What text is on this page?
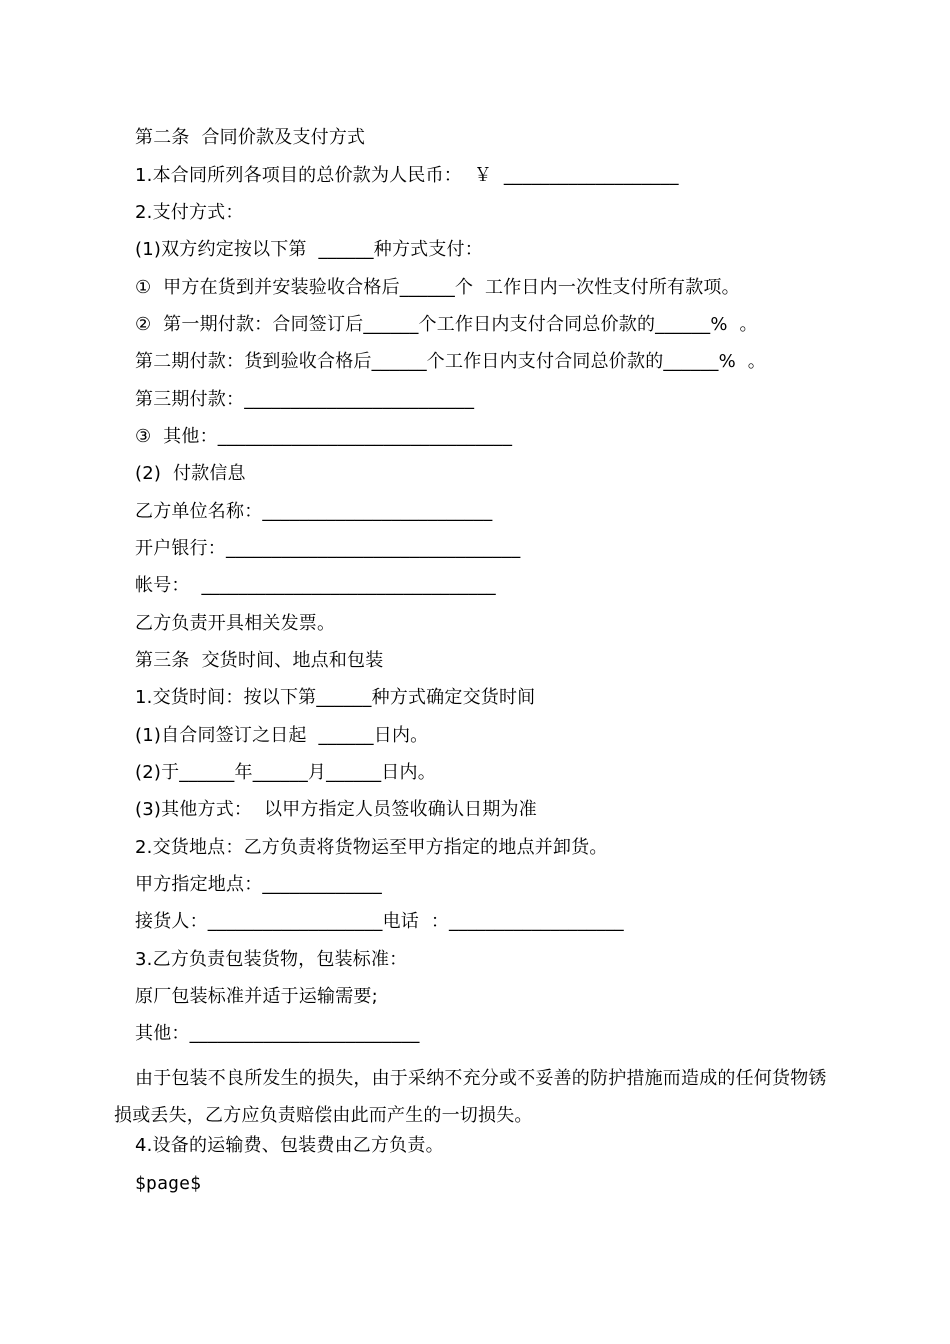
第二条  合同价款及支付方式
1.本合同所列各项目的总价款为人民币：  ￥  ___________________
2.支付方式：
(1)双方约定按以下第  ______种方式支付：
①  甲方在货到并安装验收合格后______个  工作日内一次性支付所有款项。
②  第一期付款：合同签订后______个工作日内支付合同总价款的______%  。
第二期付款：货到验收合格后______个工作日内支付合同总价款的______%  。
第三期付款：_________________________
③  其他：________________________________
(2)  付款信息
乙方单位名称：_________________________
开户银行：________________________________
帐号：  ________________________________
乙方负责开具相关发票。
第三条  交货时间、地点和包装
1.交货时间：按以下第______种方式确定交货时间
(1)自合同签订之日起  ______日内。
(2)于______年______月______日内。
(3)其他方式：  以甲方指定人员签收确认日期为准
2.交货地点：乙方负责将货物运至甲方指定的地点并卸货。
甲方指定地点：_____________
接货人：___________________电话  ：___________________
3.乙方负责包装货物，包装标准：
原厂包装标准并适于运输需要;
其他：_________________________
由于包装不良所发生的损失，由于采纳不充分或不妥善的防护措施而造成的任何货物锈损或丢失，乙方应负责赔偿由此而产生的一切损失。
4.设备的运输费、包装费由乙方负责。
$page$
